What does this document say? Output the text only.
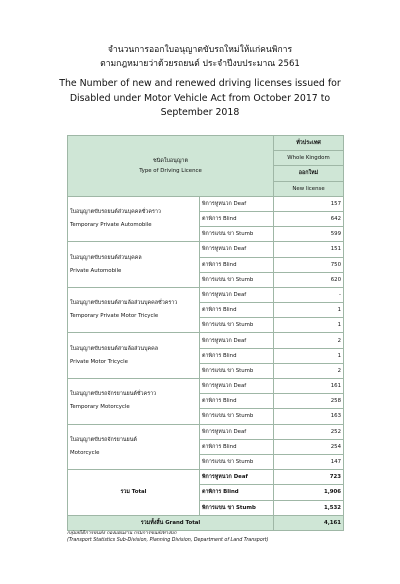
จำนวนการออกใบอนุญาตขับรถใหม่ให้แก่คนพิการ
ตามกฎหมายว่าด้วยรถยนต์ ประจำปีงบประมาณ 2561
The Number of new and renewed driving licenses issued for
Disabled under Motor Vehicle Act from October 2017 to
September 2018
ชนิดใบอนุญาต
Type of Driving Licence		ทั่วประเทศ
		Whole Kingdom
		ออกใหม่
		New license

ใบอนุญาตขับรถยนต์ส่วนบุคคลชั่วคราว
Temporary Private Automobile	พิการหูหนวก Deaf	157
	ตาพิการ Blind	642
	พิการแขน ขา Stumb	599

ใบอนุญาตขับรถยนต์ส่วนบุคคล
Private Automobile	พิการหูหนวก Deaf	151
	ตาพิการ Blind	750
	พิการแขน ขา Stumb	620

ใบอนุญาตขับรถยนต์สามล้อส่วนบุคคลชั่วคราว
Temporary Private Motor Tricycle	พิการหูหนวก Deaf	-
	ตาพิการ Blind	1
	พิการแขน ขา Stumb	1

ใบอนุญาตขับรถยนต์สามล้อส่วนบุคคล
Private Motor Tricycle	พิการหูหนวก Deaf	2
	ตาพิการ Blind	1
	พิการแขน ขา Stumb	2

ใบอนุญาตขับรถจักรยานยนต์ชั่วคราว
Temporary Motorcycle	พิการหูหนวก Deaf	161
	ตาพิการ Blind	258
	พิการแขน ขา Stumb	163

ใบอนุญาตขับรถจักรยานยนต์
Motorcycle	พิการหูหนวก Deaf	252
	ตาพิการ Blind	254
	พิการแขน ขา Stumb	147
รวม Total	พิการหูหนวก Deaf	723
	ตาพิการ Blind	1,906
	พิการแขน ขา Stumb	1,532
รวมทั้งสิ้น Grand Total		4,161
กลุ่มสถิติการขนส่ง กองแผนงาน กรมการขนส่งทางบก
(Transport Statistics Sub-Division, Planning Division, Department of Land Transport)
